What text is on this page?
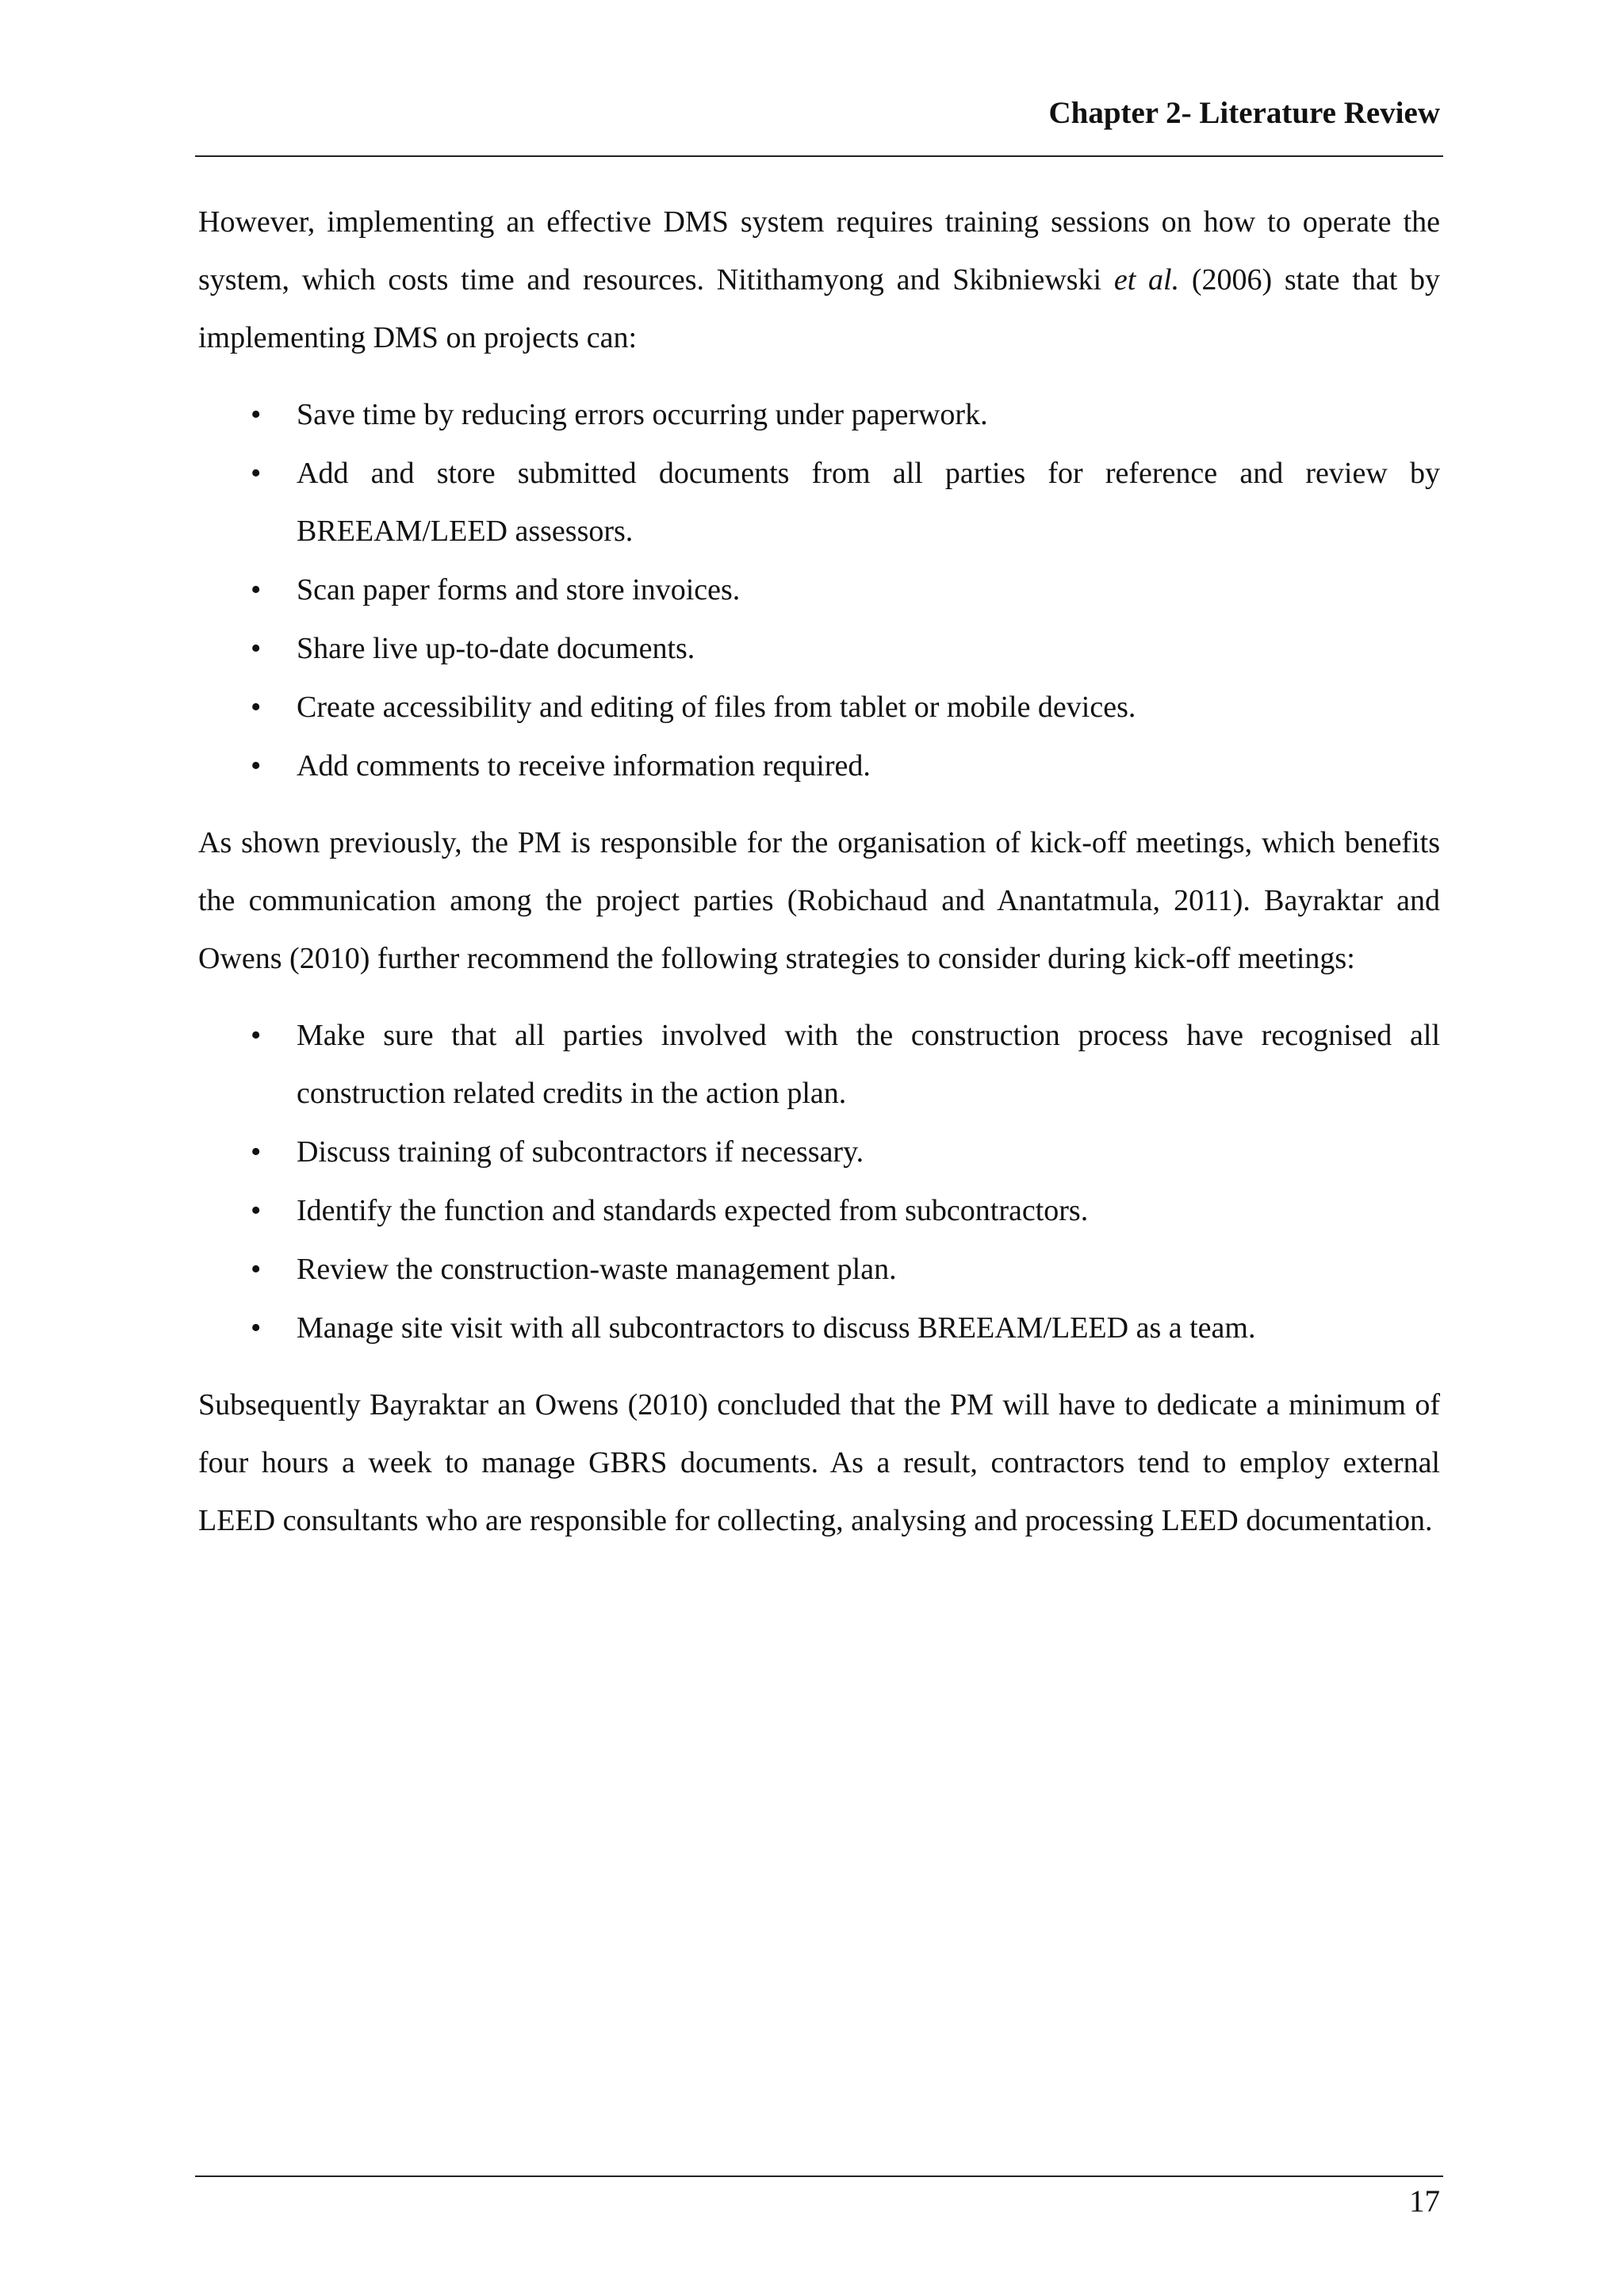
Chapter 2- Literature Review

However, implementing an effective DMS system requires training sessions on how to operate the system, which costs time and resources. Nitithamyong and Skibniewski et al. (2006) state that by implementing DMS on projects can:

• Save time by reducing errors occurring under paperwork.
• Add and store submitted documents from all parties for reference and review by BREEAM/LEED assessors.
• Scan paper forms and store invoices.
• Share live up-to-date documents.
• Create accessibility and editing of files from tablet or mobile devices.
• Add comments to receive information required.

As shown previously, the PM is responsible for the organisation of kick-off meetings, which benefits the communication among the project parties (Robichaud and Anantatmula, 2011). Bayraktar and Owens (2010) further recommend the following strategies to consider during kick-off meetings:

• Make sure that all parties involved with the construction process have recognised all construction related credits in the action plan.
• Discuss training of subcontractors if necessary.
• Identify the function and standards expected from subcontractors.
• Review the construction-waste management plan.
• Manage site visit with all subcontractors to discuss BREEAM/LEED as a team.

Subsequently Bayraktar an Owens (2010) concluded that the PM will have to dedicate a minimum of four hours a week to manage GBRS documents. As a result, contractors tend to employ external LEED consultants who are responsible for collecting, analysing and processing LEED documentation.

17
